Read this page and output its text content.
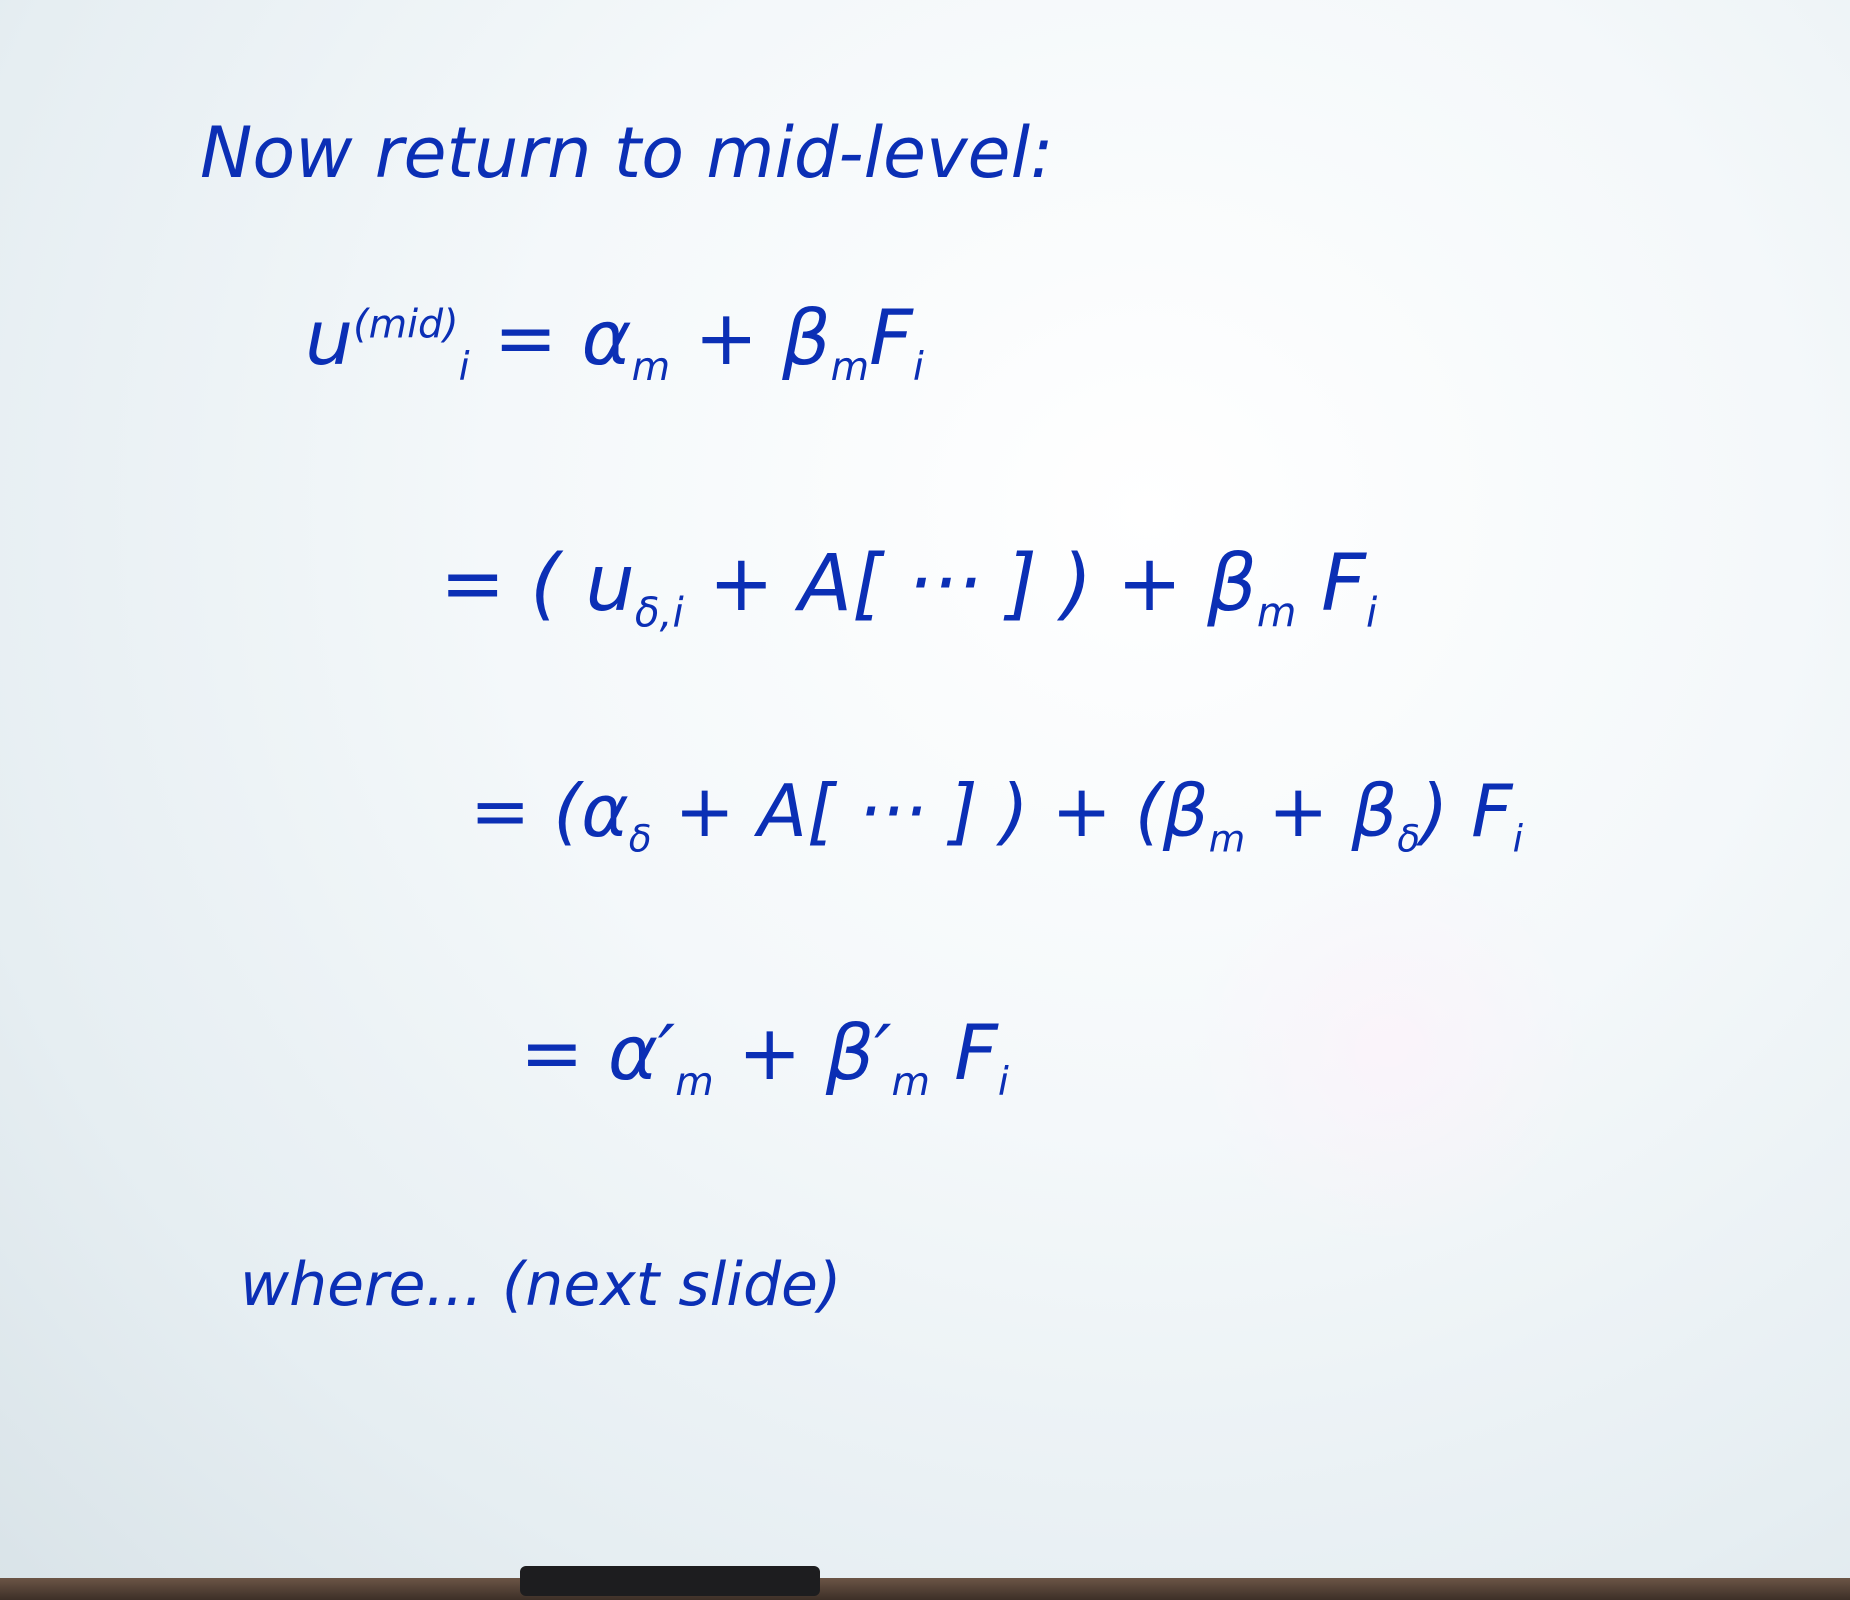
Now return to mid-level:

$u^{(mid)}_i = \alpha_m + \beta_mF_i$

= ( $u_{\delta,i} + A$[ ··· ] ) + $\beta_m$ $F_i$

= ($\alpha_\delta + A$[ ··· ] ) + $(\beta_m + \beta_\delta)$ $F_i$

= $\alpha'_m + \beta'_m$ $F_i$

where... (next slide)
